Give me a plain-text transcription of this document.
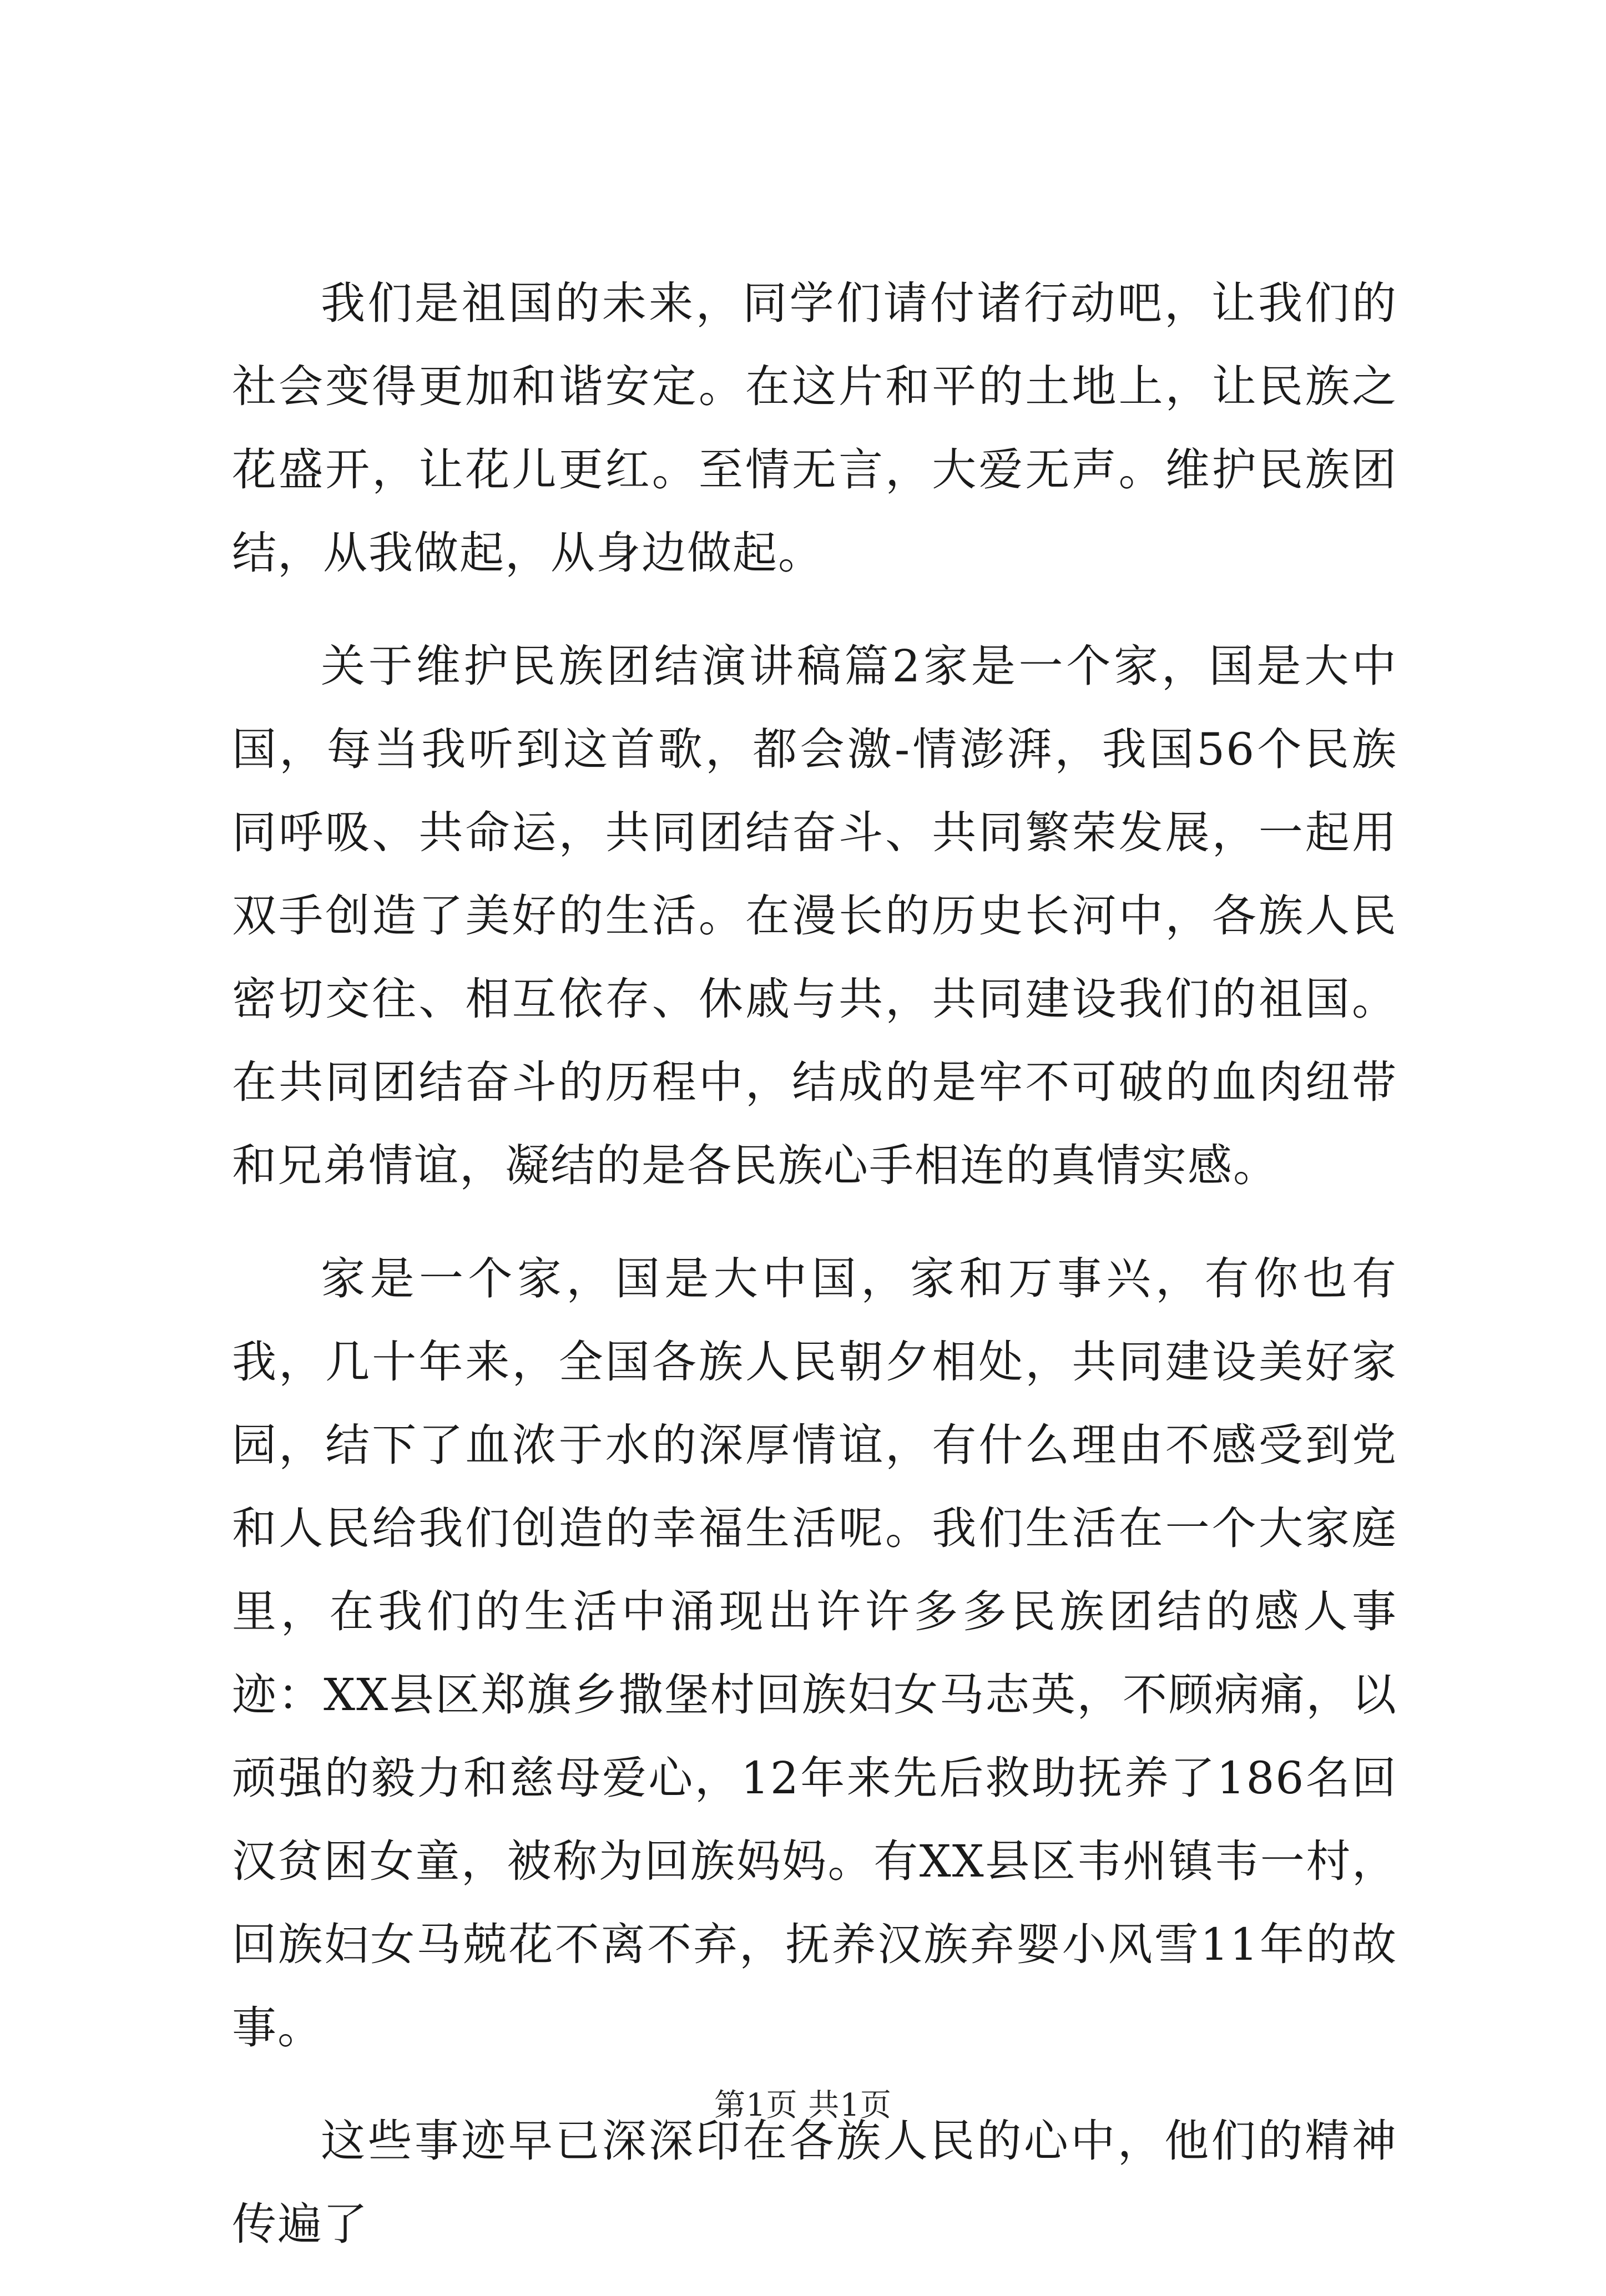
我们是祖国的未来，同学们请付诸行动吧，让我们的社会变得更加和谐安定。在这片和平的土地上，让民族之花盛开，让花儿更红。至情无言，大爱无声。维护民族团结，从我做起，从身边做起。

关于维护民族团结演讲稿篇2家是一个家，国是大中国，每当我听到这首歌，都会激-情澎湃，我国56个民族同呼吸、共命运，共同团结奋斗、共同繁荣发展，一起用双手创造了美好的生活。在漫长的历史长河中，各族人民密切交往、相互依存、休戚与共，共同建设我们的祖国。在共同团结奋斗的历程中，结成的是牢不可破的血肉纽带和兄弟情谊，凝结的是各民族心手相连的真情实感。

家是一个家，国是大中国，家和万事兴，有你也有我，几十年来，全国各族人民朝夕相处，共同建设美好家园，结下了血浓于水的深厚情谊，有什么理由不感受到党和人民给我们创造的幸福生活呢。我们生活在一个大家庭里，在我们的生活中涌现出许许多多民族团结的感人事迹：XX县区郑旗乡撒堡村回族妇女马志英，不顾病痛，以顽强的毅力和慈母爱心，12年来先后救助抚养了186名回汉贫困女童，被称为回族妈妈。有XX县区韦州镇韦一村，回族妇女马兢花不离不弃，抚养汉族弃婴小风雪11年的故事。

这些事迹早已深深印在各族人民的心中，他们的精神传遍了

第1页 共1页
